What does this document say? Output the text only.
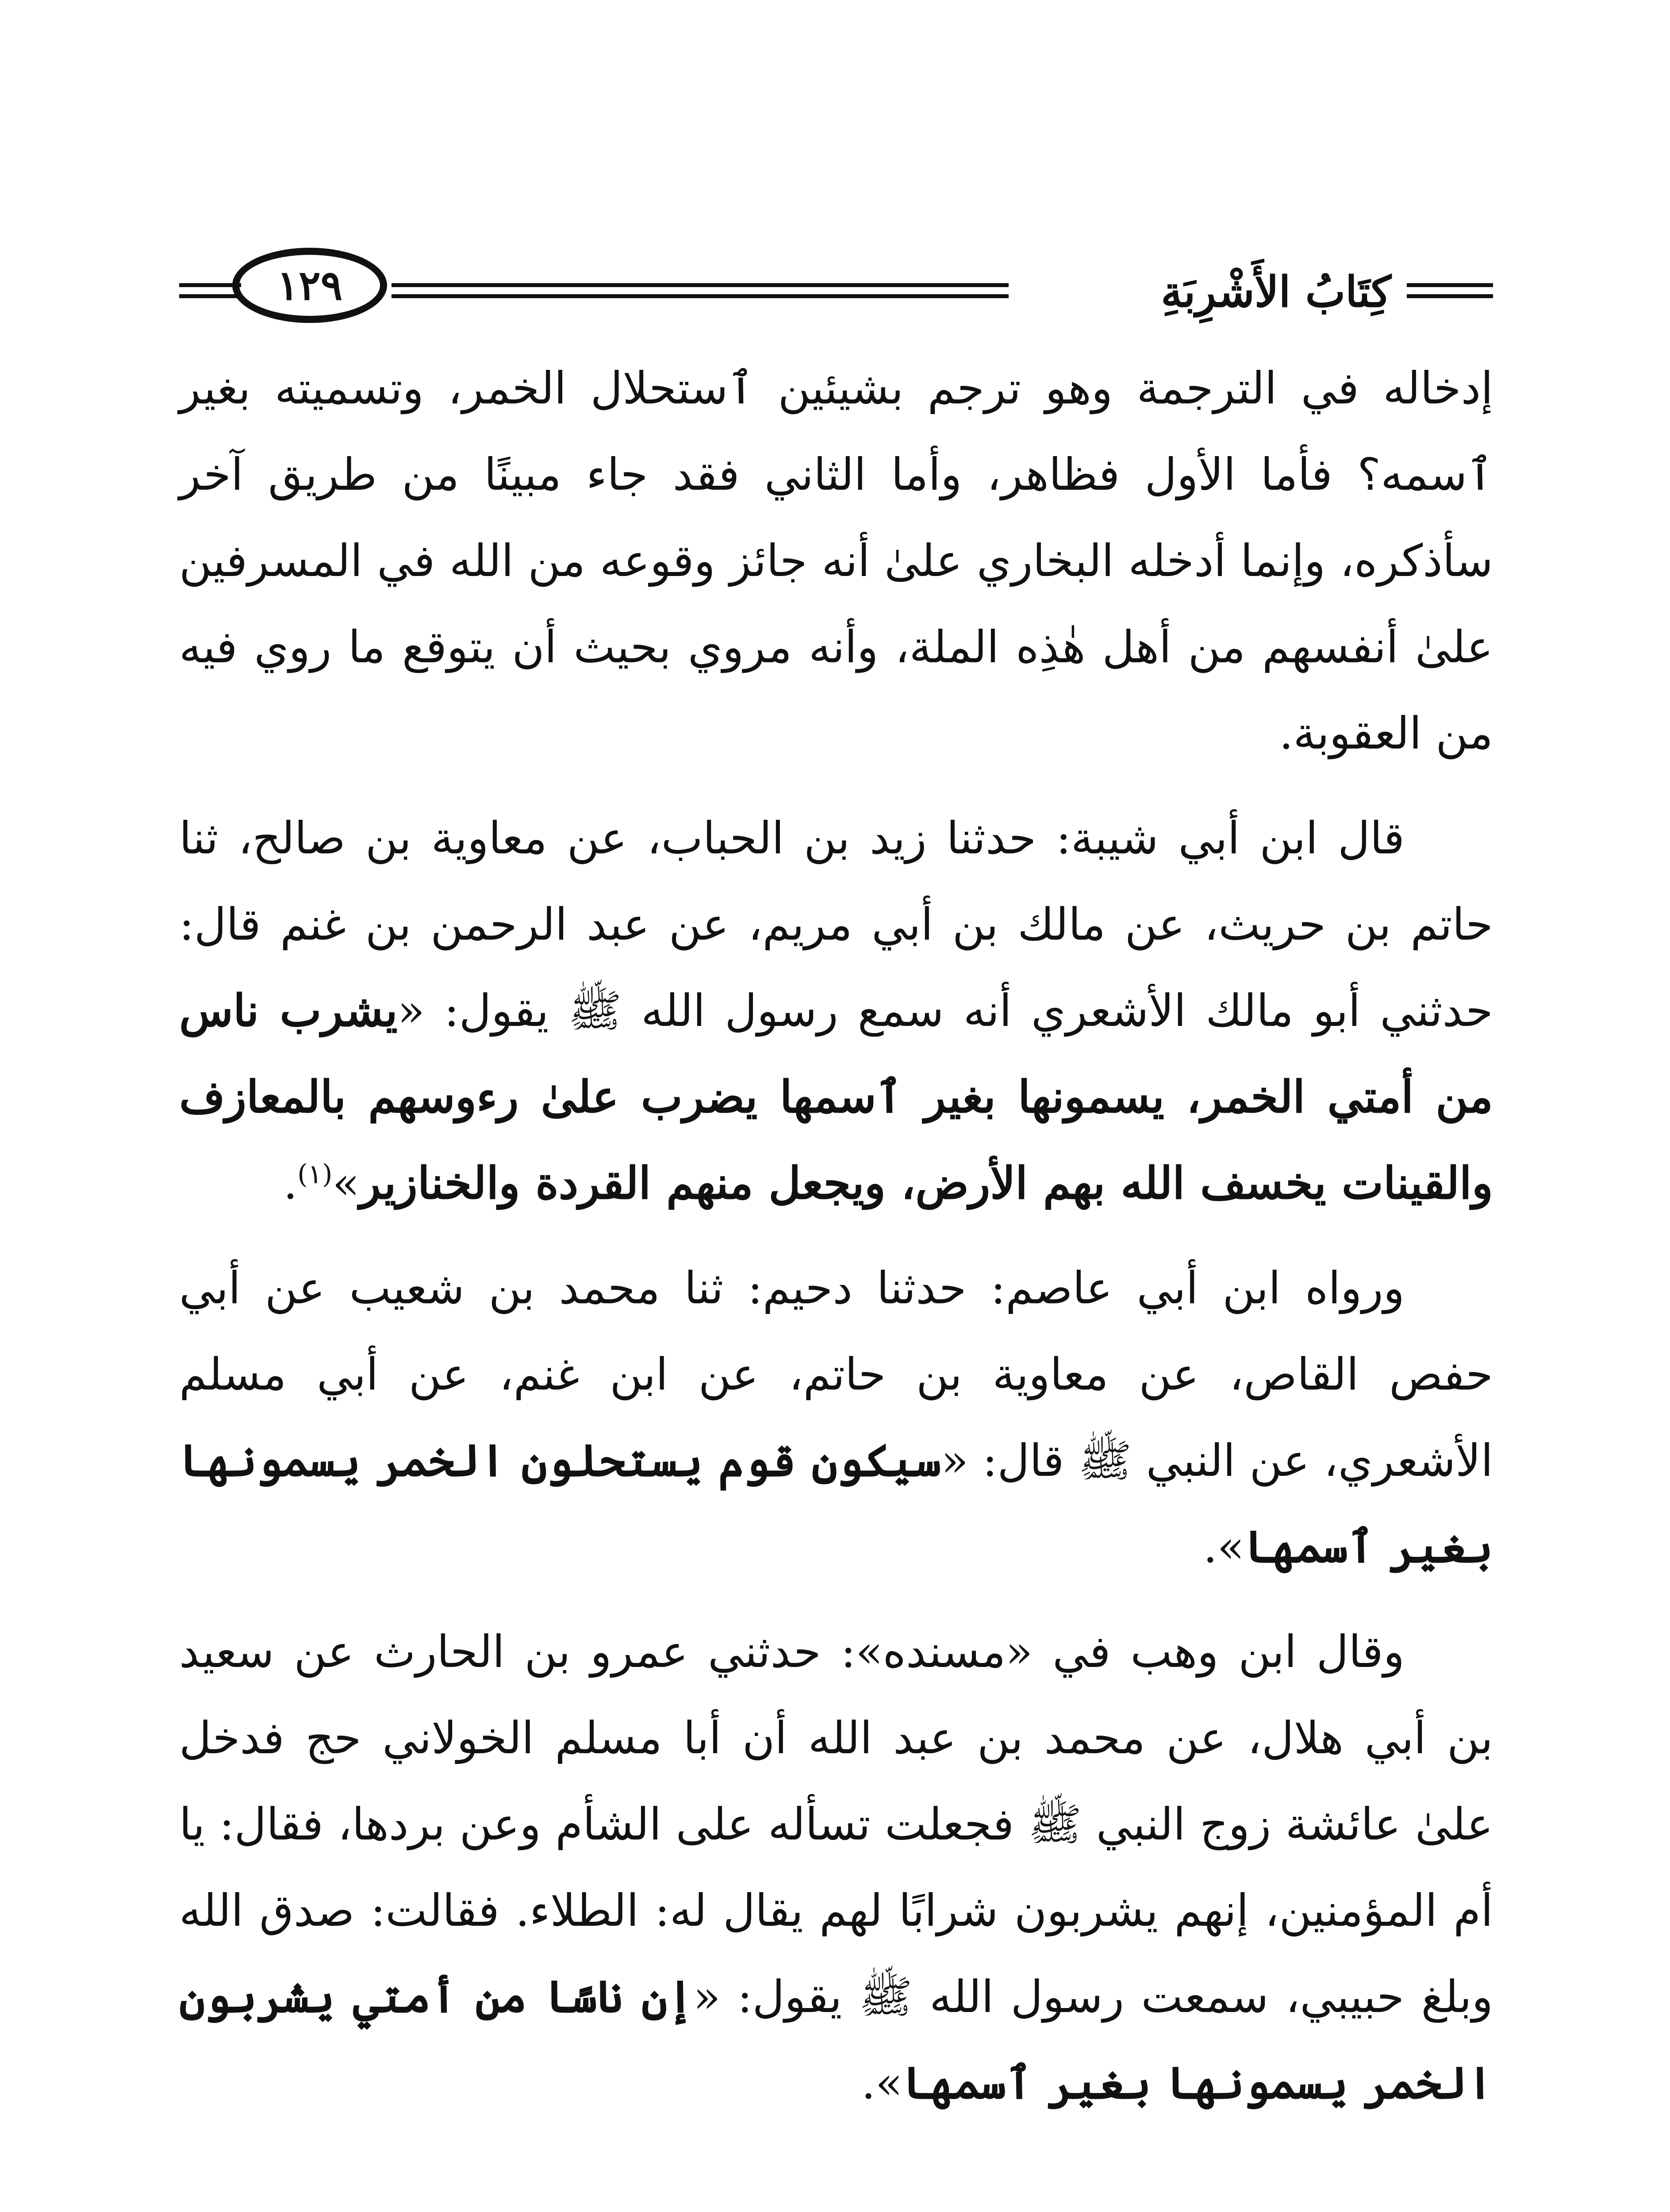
كِتَابُ الأَشْرِبَةِ
١٢٩

إدخاله في الترجمة وهو ترجم بشيئين ٱستحلال الخمر، وتسميته بغير ٱسمه؟ فأما الأول فظاهر، وأما الثاني فقد جاء مبينًا من طريق آخر سأذكره، وإنما أدخله البخاري علىٰ أنه جائز وقوعه من الله في المسرفين علىٰ أنفسهم من أهل هٰذِه الملة، وأنه مروي بحيث أن يتوقع ما روي فيه من العقوبة.

قال ابن أبي شيبة: حدثنا زيد بن الحباب، عن معاوية بن صالح، ثنا حاتم بن حريث، عن مالك بن أبي مريم، عن عبد الرحمن بن غنم قال: حدثني أبو مالك الأشعري أنه سمع رسول الله ﷺ يقول: «يشرب ناس من أمتي الخمر، يسمونها بغير ٱسمها يضرب علىٰ رءوسهم بالمعازف والقينات يخسف الله بهم الأرض، ويجعل منهم القردة والخنازير»$^{(١)}$.

ورواه ابن أبي عاصم: حدثنا دحيم: ثنا محمد بن شعيب عن أبي حفص القاص، عن معاوية بن حاتم، عن ابن غنم، عن أبي مسلم الأشعري، عن النبي ﷺ قال: «سيكون قوم يستحلون الخمر يسمونها بغير ٱسمها».

وقال ابن وهب في «مسنده»: حدثني عمرو بن الحارث عن سعيد بن أبي هلال، عن محمد بن عبد الله أن أبا مسلم الخولاني حج فدخل علىٰ عائشة زوج النبي ﷺ فجعلت تسأله على الشأم وعن بردها، فقال: يا أم المؤمنين، إنهم يشربون شرابًا لهم يقال له: الطلاء. فقالت: صدق الله وبلغ حبيبي، سمعت رسول الله ﷺ يقول: «إن ناسًا من أمتي يشربون الخمر يسمونها بغير ٱسمها».
